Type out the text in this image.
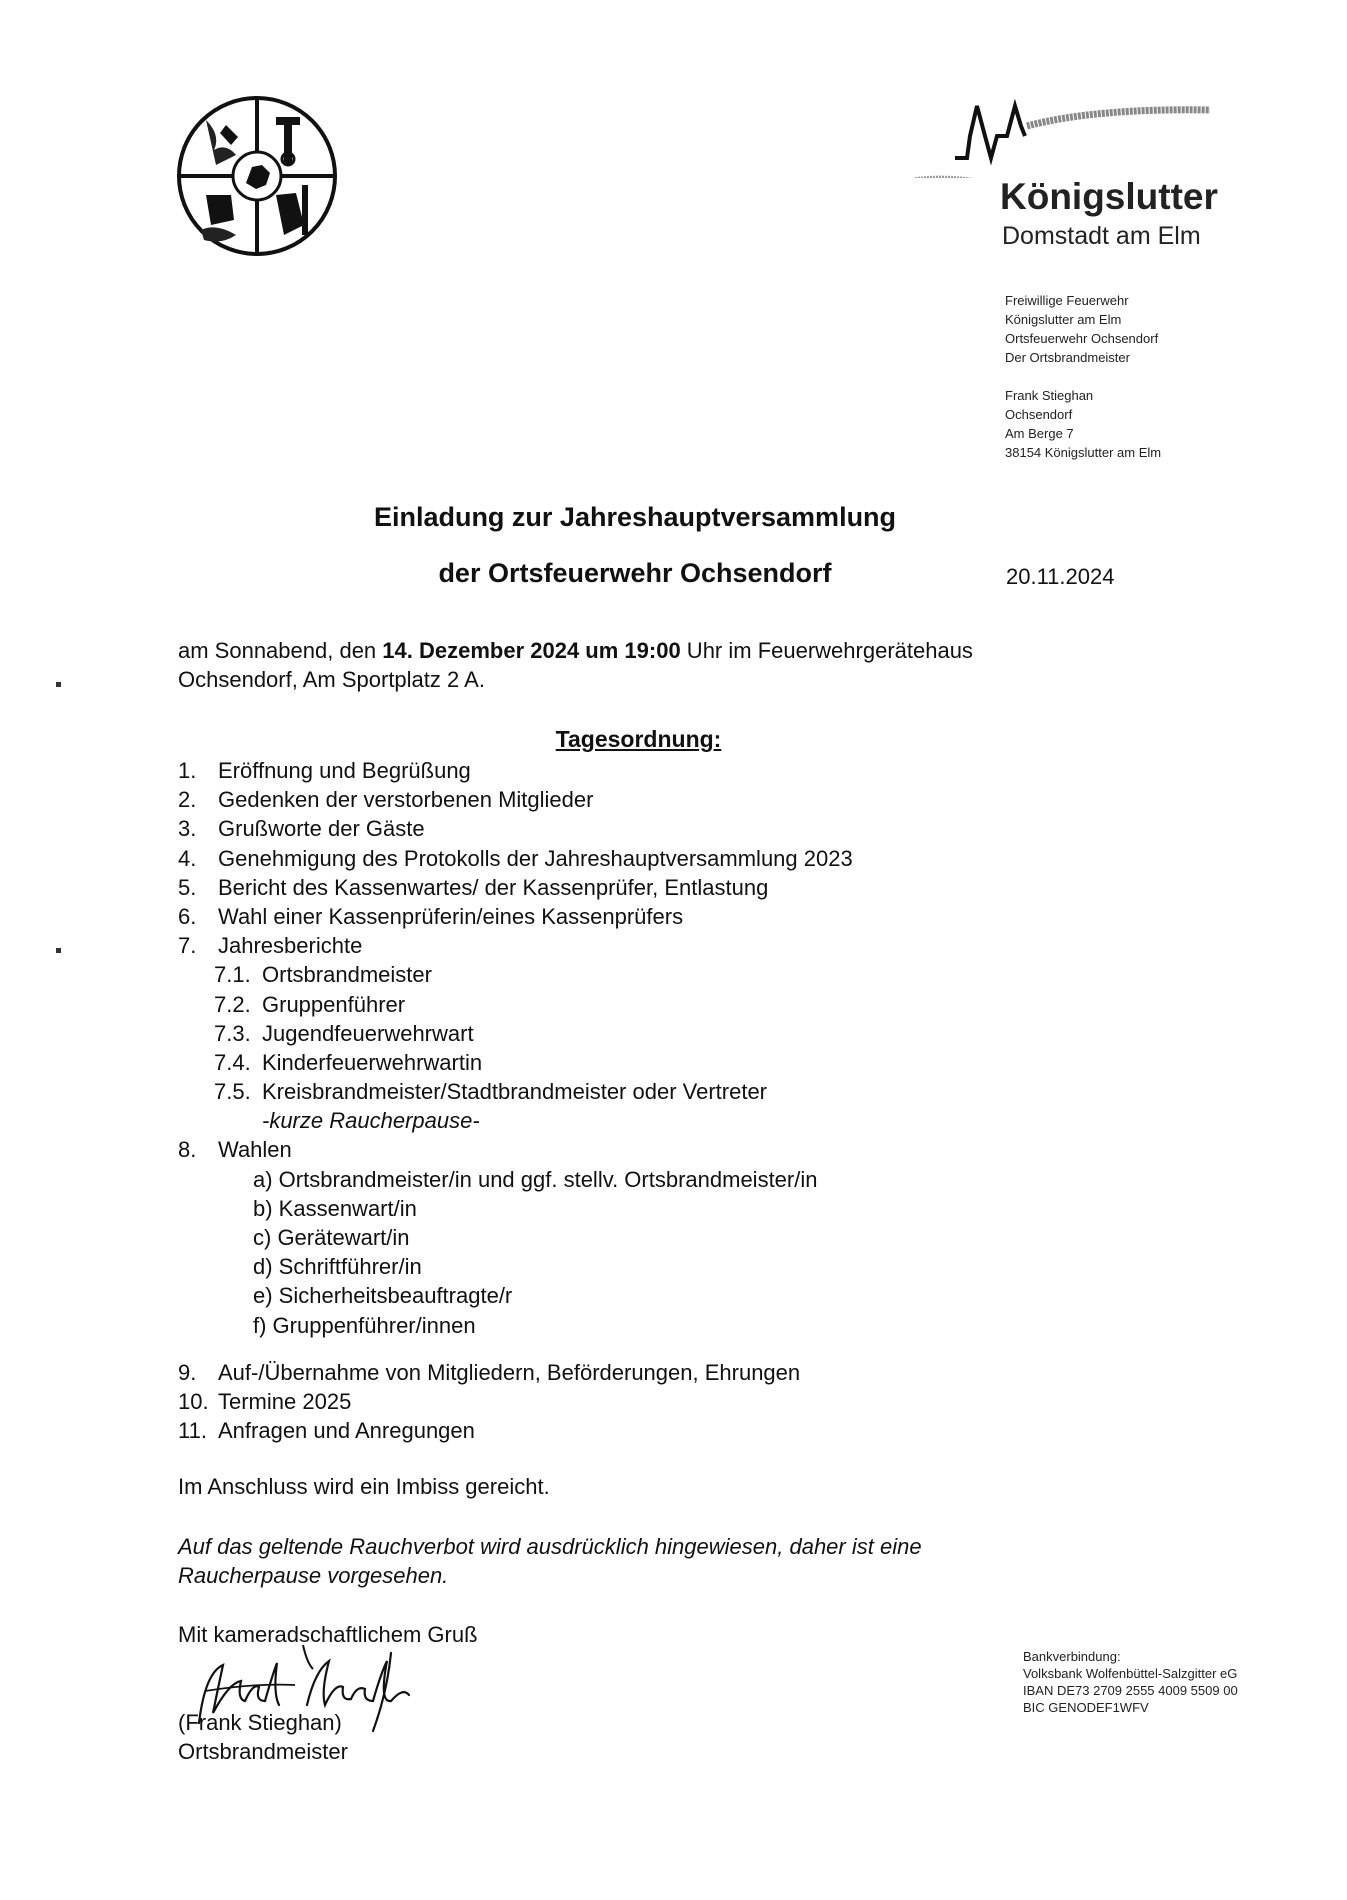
Königslutter
Domstadt am Elm
Freiwillige Feuerwehr
Königslutter am Elm
Ortsfeuerwehr Ochsendorf
Der Ortsbrandmeister
Frank Stieghan
Ochsendorf
Am Berge 7
38154 Königslutter am Elm
Einladung zur Jahreshauptversammlung
der Ortsfeuerwehr Ochsendorf	20.11.2024
am Sonnabend, den 14. Dezember 2024 um 19:00 Uhr im Feuerwehrgerätehaus
Ochsendorf, Am Sportplatz 2 A.
Tagesordnung:
1. Eröffnung und Begrüßung
2. Gedenken der verstorbenen Mitglieder
3. Grußworte der Gäste
4. Genehmigung des Protokolls der Jahreshauptversammlung 2023
5. Bericht des Kassenwartes/ der Kassenprüfer, Entlastung
6. Wahl einer Kassenprüferin/eines Kassenprüfers
7. Jahresberichte
7.1. Ortsbrandmeister
7.2. Gruppenführer
7.3. Jugendfeuerwehrwart
7.4. Kinderfeuerwehrwartin
7.5. Kreisbrandmeister/Stadtbrandmeister oder Vertreter
-kurze Raucherpause-
8. Wahlen
a) Ortsbrandmeister/in und ggf. stellv. Ortsbrandmeister/in
b) Kassenwart/in
c) Gerätewart/in
d) Schriftführer/in
e) Sicherheitsbeauftragte/r
f) Gruppenführer/innen
9. Auf-/Übernahme von Mitgliedern, Beförderungen, Ehrungen
10. Termine 2025
11. Anfragen und Anregungen
Im Anschluss wird ein Imbiss gereicht.
Auf das geltende Rauchverbot wird ausdrücklich hingewiesen, daher ist eine
Raucherpause vorgesehen.
Mit kameradschaftlichem Gruß
(Frank Stieghan)
Ortsbrandmeister
Bankverbindung:
Volksbank Wolfenbüttel-Salzgitter eG
IBAN DE73 2709 2555 4009 5509 00
BIC GENODEF1WFV
